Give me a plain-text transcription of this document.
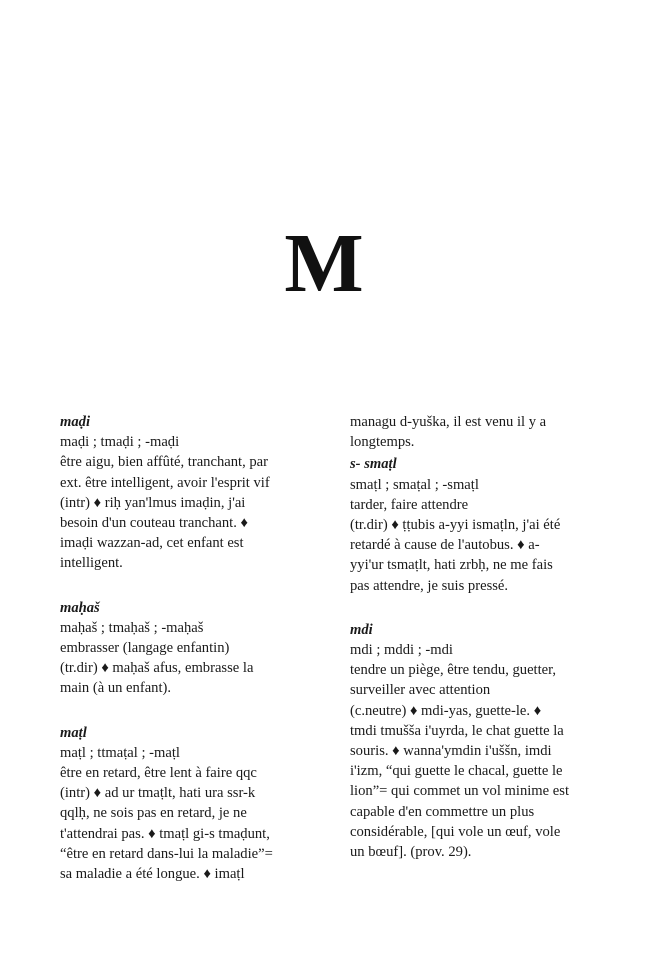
M
maḍi
maḍi ; tmaḍi ; -maḍi
être aigu, bien affûté, tranchant, par
ext. être intelligent, avoir l'esprit vif
(intr) ♦ riḥ yan'lmus imaḍin, j'ai
besoin d'un couteau tranchant. ♦
imaḍi wazzan-ad, cet enfant est
intelligent.
maḥaš
maḥaš ; tmaḥaš ; -maḥaš
embrasser (langage enfantin)
(tr.dir) ♦ maḥaš afus, embrasse la
main (à un enfant).
maṭl
maṭl ; ttmaṭal ; -maṭl
être en retard, être lent à faire qqc
(intr) ♦ ad ur tmaṭlt, hati ura ssr-k
qqlḥ, ne sois pas en retard, je ne
t'attendrai pas. ♦ tmaṭl gi-s tmaḍunt,
“être en retard dans-lui la maladie”=
sa maladie a été longue. ♦ imaṭl
managu d-yuška, il est venu il y a
longtemps.
s- smaṭl
smaṭl ; smaṭal ; -smaṭl
tarder, faire attendre
(tr.dir) ♦ ṭṭubis a-yyi ismaṭln, j'ai été
retardé à cause de l'autobus. ♦ a-
yyi'ur tsmaṭlt, hati zrbḥ, ne me fais
pas attendre, je suis pressé.
mdi
mdi ; mddi ; -mdi
tendre un piège, être tendu, guetter,
surveiller avec attention
(c.neutre) ♦ mdi-yas, guette-le. ♦
tmdi tmušša i'uyrda, le chat guette la
souris. ♦ wanna'ymdin i'uššn, imdi
i'izm, “qui guette le chacal, guette le
lion”= qui commet un vol minime est
capable d'en commettre un plus
considérable, [qui vole un œuf, vole
un bœuf]. (prov. 29).
